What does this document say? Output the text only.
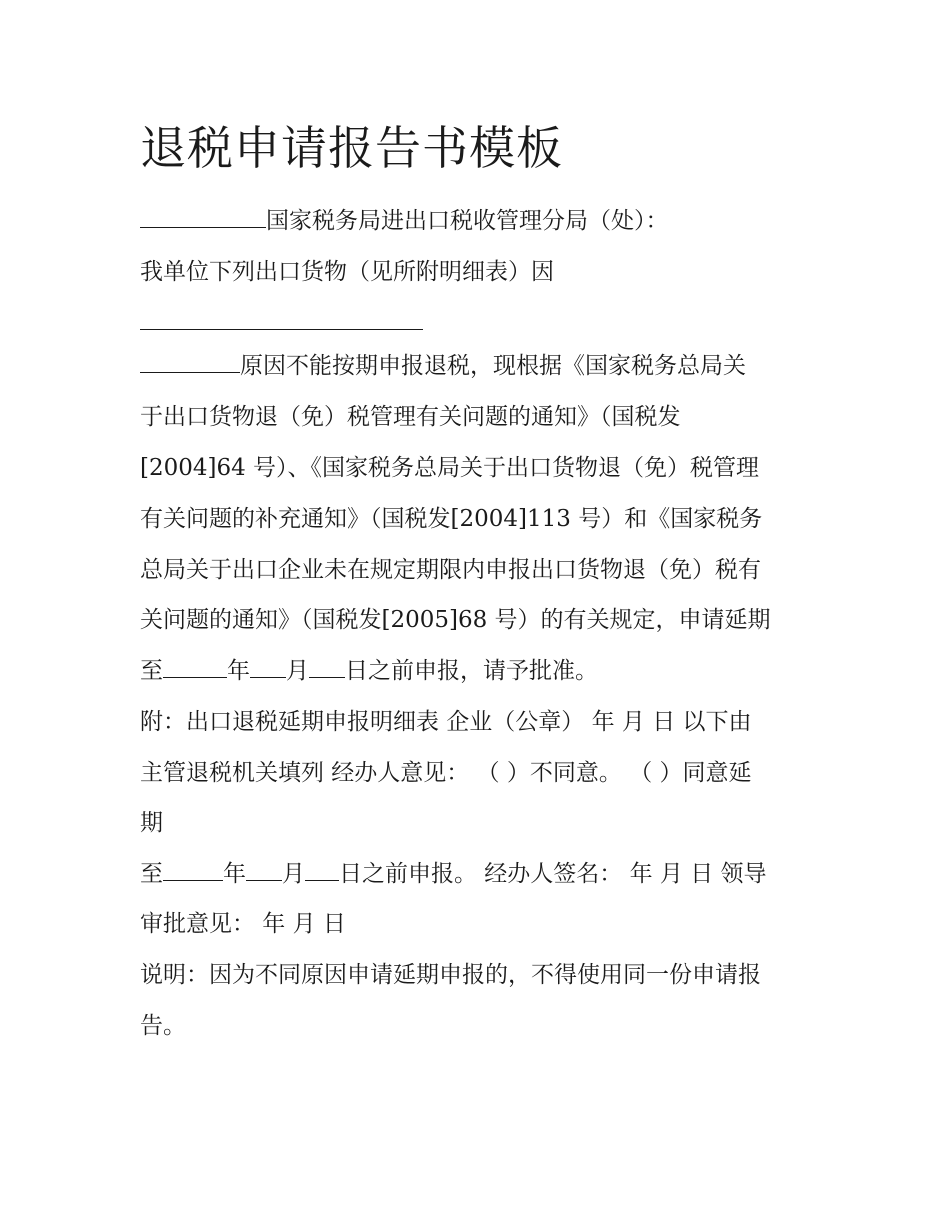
退税申请报告书模板
国家税务局进出口税收管理分局（处）：
我单位下列出口货物（见所附明细表）因
原因不能按期申报退税，现根据《国家税务总局关
于出口货物退（免）税管理有关问题的通知》（国税发
[2004]64 号）、《国家税务总局关于出口货物退（免）税管理
有关问题的补充通知》（国税发[2004]113 号）和《国家税务
总局关于出口企业未在规定期限内申报出口货物退（免）税有
关问题的通知》（国税发[2005]68 号）的有关规定，申请延期
至	年 月 日之前申报，请予批准。
附：出口退税延期申报明细表 企业（公章） 年 月 日 以下由
主管退税机关填列 经办人意见： （ ）不同意。 （ ）同意延
期
至	年 月 日之前申报。 经办人签名： 年 月 日 领导
审批意见： 年 月 日
说明：因为不同原因申请延期申报的，不得使用同一份申请报
告。
